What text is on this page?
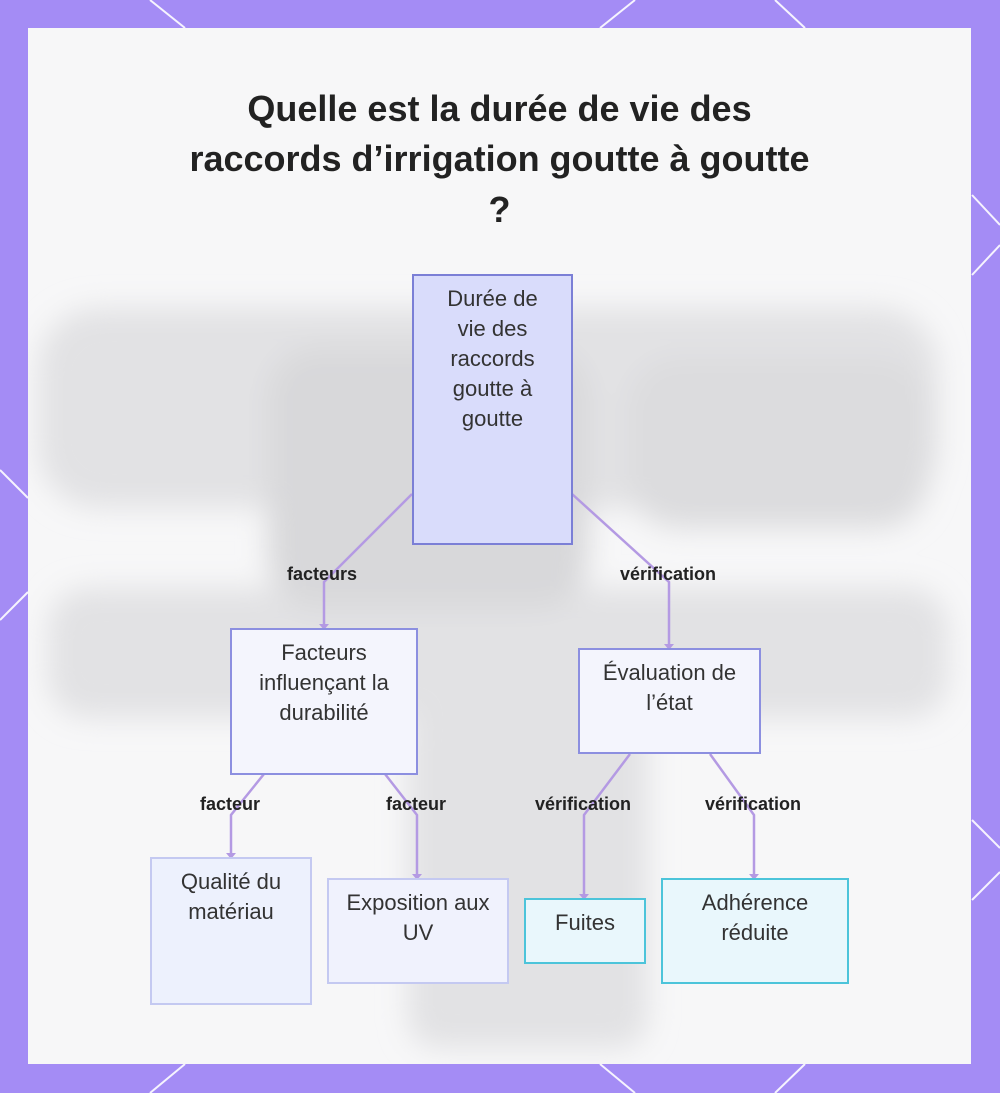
Quelle est la durée de vie des raccords d’irrigation goutte à goutte ?
facteurs	vérification
facteur	facteur	vérification	vérification
Durée de vie des raccords goutte à goutte
Facteurs influençant la durabilité
Évaluation de l’état
Qualité du matériau	Exposition aux UV	Fuites
Adhérence réduite
